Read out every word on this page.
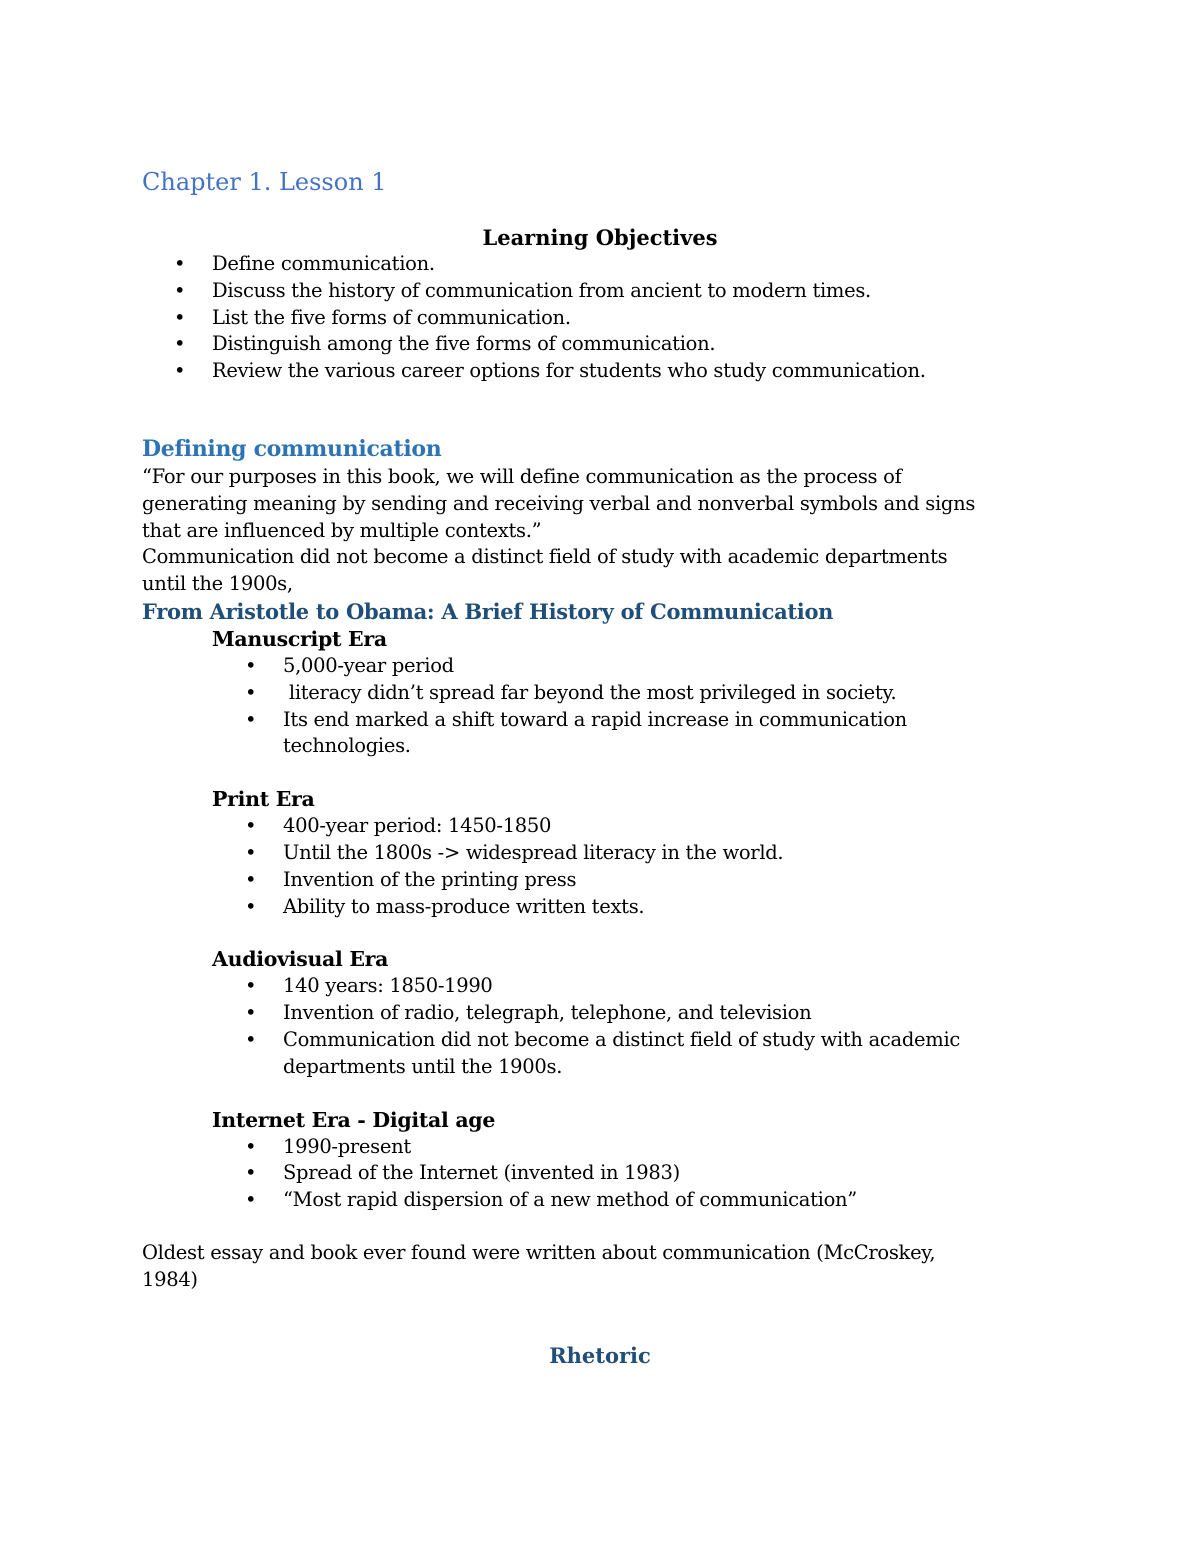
Chapter 1. Lesson 1

Learning Objectives

• Define communication.
• Discuss the history of communication from ancient to modern times.
• List the five forms of communication.
• Distinguish among the five forms of communication.
• Review the various career options for students who study communication.
Defining communication

“For our purposes in this book, we will define communication as the process of

generating meaning by sending and receiving verbal and nonverbal symbols and signs

that are influenced by multiple contexts.”

Communication did not become a distinct field of study with academic departments

until the 1900s,

From Aristotle to Obama: A Brief History of Communication

Manuscript Era

• 5,000-year period
•  literacy didn’t spread far beyond the most privileged in society.
• Its end marked a shift toward a rapid increase in communication technologies.

Print Era

• 400-year period: 1450-1850
• Until the 1800s -> widespread literacy in the world.
• Invention of the printing press
• Ability to mass-produce written texts.

Audiovisual Era

• 140 years: 1850-1990
• Invention of radio, telegraph, telephone, and television
• Communication did not become a distinct field of study with academic departments until the 1900s.

Internet Era - Digital age

• 1990-present
• Spread of the Internet (invented in 1983)
• “Most rapid dispersion of a new method of communication”

Oldest essay and book ever found were written about communication (McCroskey,

1984)

Rhetoric
